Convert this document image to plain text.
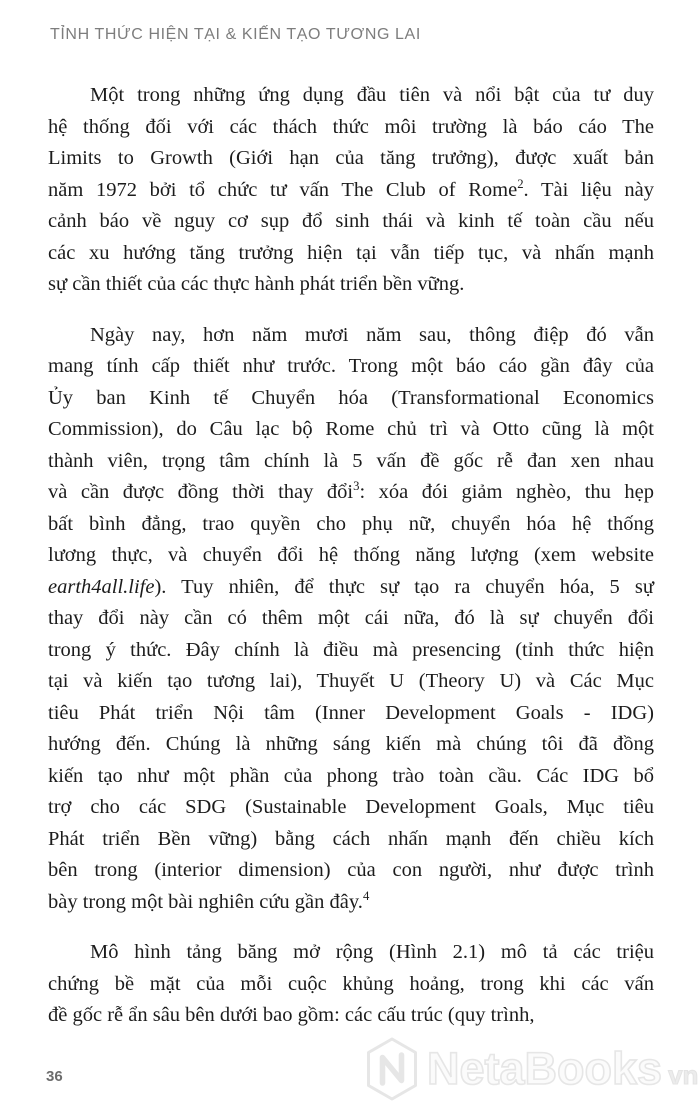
TỈNH THỨC HIỆN TẠI & KIẾN TẠO TƯƠNG LAI
Một trong những ứng dụng đầu tiên và nổi bật của tư duy
hệ thống đối với các thách thức môi trường là báo cáo The
Limits to Growth (Giới hạn của tăng trưởng), được xuất bản
năm 1972 bởi tổ chức tư vấn The Club of Rome$^2$. Tài liệu này
cảnh báo về nguy cơ sụp đổ sinh thái và kinh tế toàn cầu nếu
các xu hướng tăng trưởng hiện tại vẫn tiếp tục, và nhấn mạnh
sự cần thiết của các thực hành phát triển bền vững.
Ngày nay, hơn năm mươi năm sau, thông điệp đó vẫn
mang tính cấp thiết như trước. Trong một báo cáo gần đây của
Ủy ban Kinh tế Chuyển hóa (Transformational Economics
Commission), do Câu lạc bộ Rome chủ trì và Otto cũng là một
thành viên, trọng tâm chính là 5 vấn đề gốc rễ đan xen nhau
và cần được đồng thời thay đổi$^3$: xóa đói giảm nghèo, thu hẹp
bất bình đẳng, trao quyền cho phụ nữ, chuyển hóa hệ thống
lương thực, và chuyển đổi hệ thống năng lượng (xem website
earth4all.life). Tuy nhiên, để thực sự tạo ra chuyển hóa, 5 sự
thay đổi này cần có thêm một cái nữa, đó là sự chuyển đổi
trong ý thức. Đây chính là điều mà presencing (tỉnh thức hiện
tại và kiến tạo tương lai), Thuyết U (Theory U) và Các Mục
tiêu Phát triển Nội tâm (Inner Development Goals - IDG)
hướng đến. Chúng là những sáng kiến mà chúng tôi đã đồng
kiến tạo như một phần của phong trào toàn cầu. Các IDG bổ
trợ cho các SDG (Sustainable Development Goals, Mục tiêu
Phát triển Bền vững) bằng cách nhấn mạnh đến chiều kích
bên trong (interior dimension) của con người, như được trình
bày trong một bài nghiên cứu gần đây.$^4$
Mô hình tảng băng mở rộng (Hình 2.1) mô tả các triệu
chứng bề mặt của mỗi cuộc khủng hoảng, trong khi các vấn
đề gốc rễ ẩn sâu bên dưới bao gồm: các cấu trúc (quy trình,
36	NetaBooks vn
